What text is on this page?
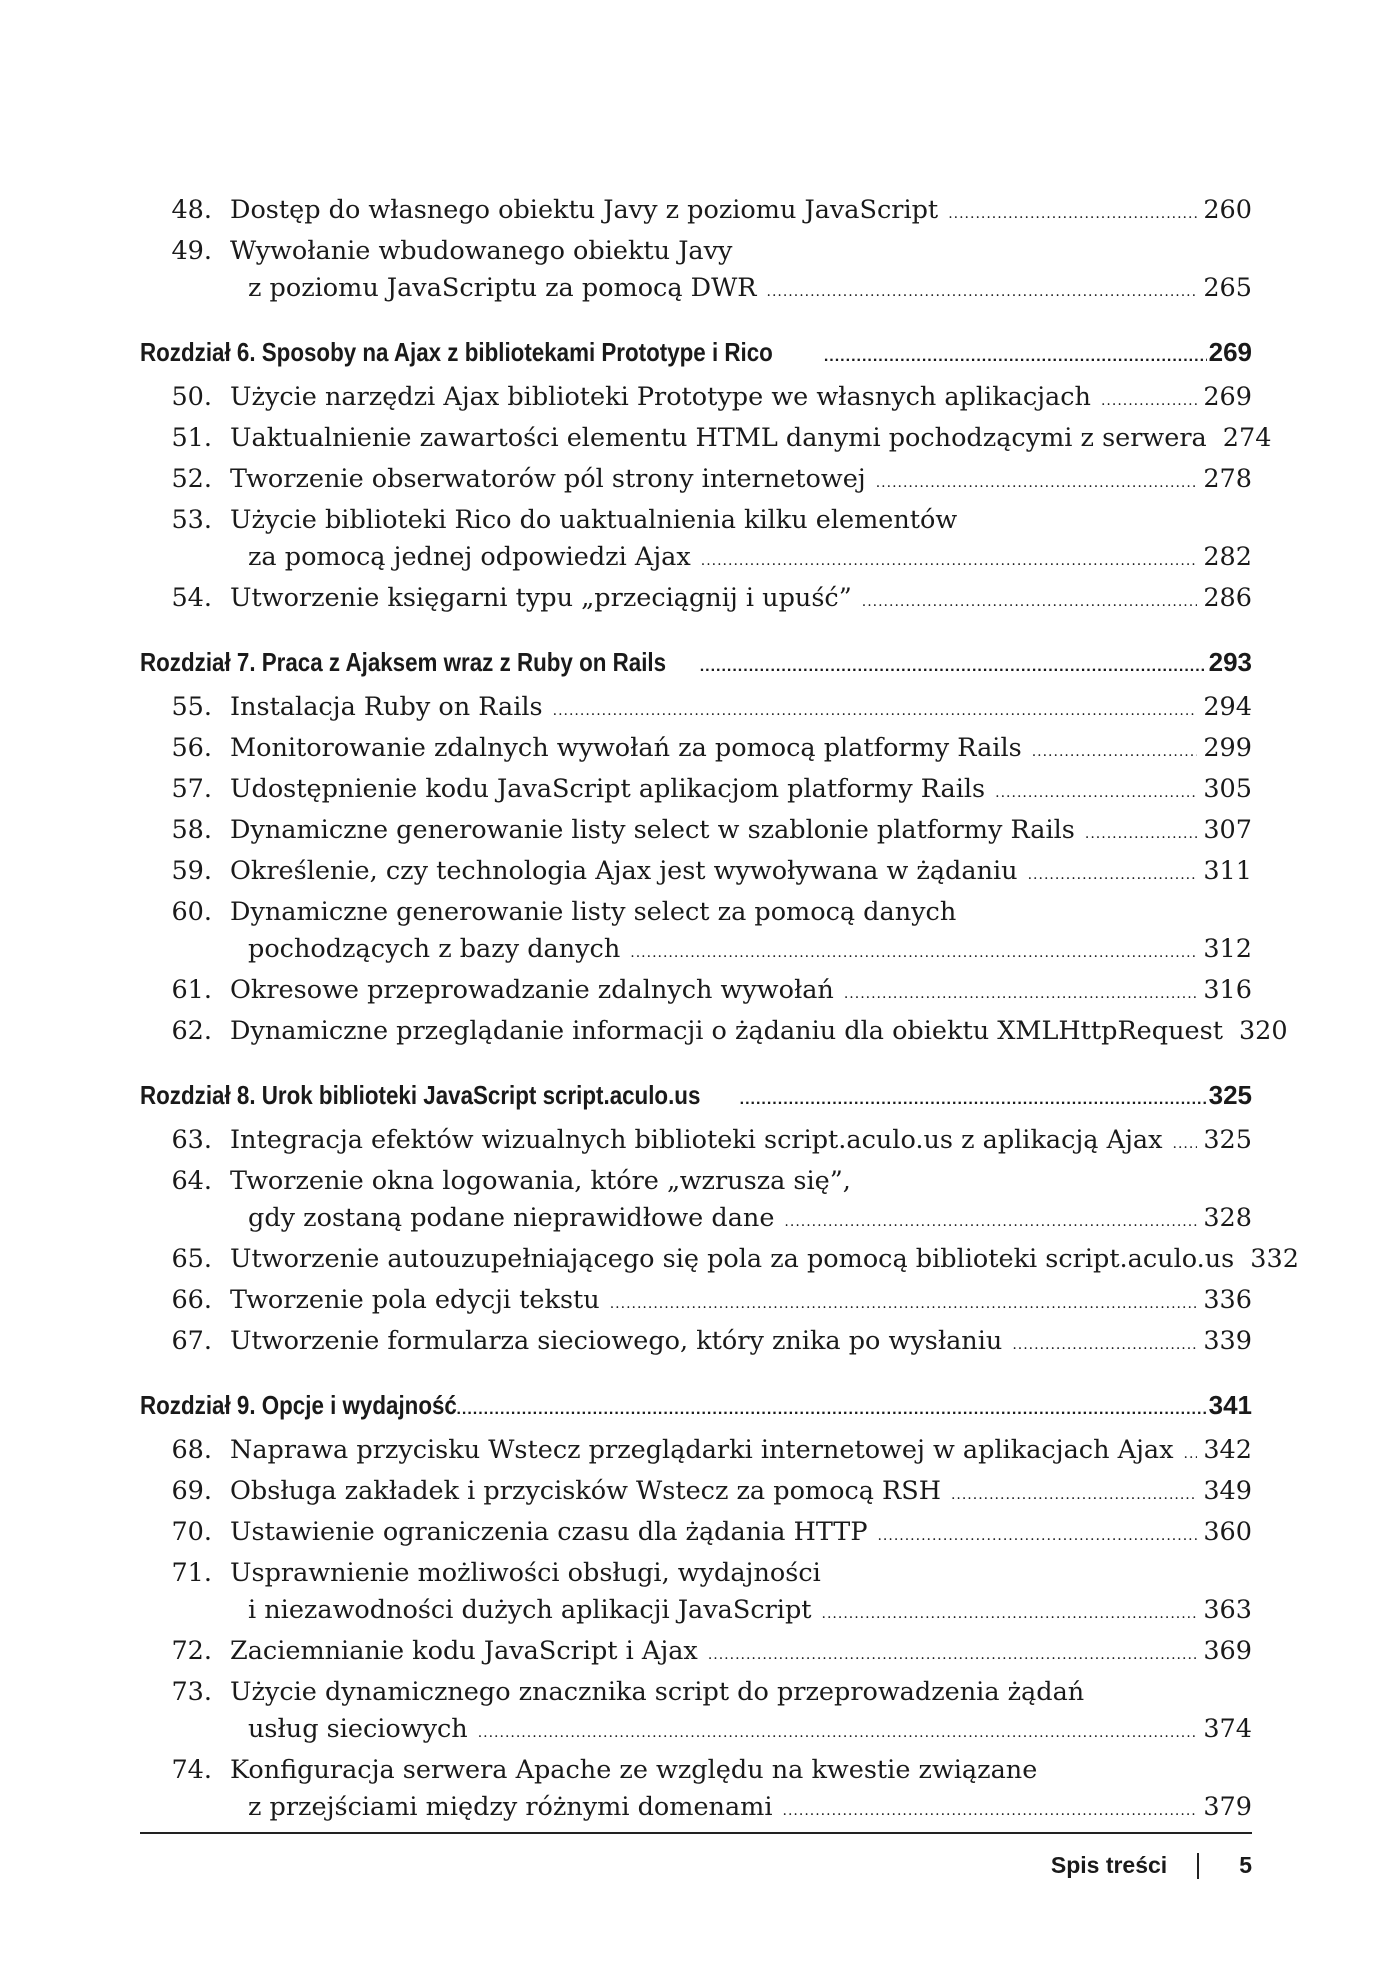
48. Dostęp do własnego obiektu Javy z poziomu JavaScript .....	260
49. Wywołanie wbudowanego obiektu Javy
z poziomu JavaScriptu za pomocą DWR .....	265
Rozdział 6. Sposoby na Ajax z bibliotekami Prototype i Rico .....	269
50. Użycie narzędzi Ajax biblioteki Prototype we własnych aplikacjach .....	269
51. Uaktualnienie zawartości elementu HTML danymi pochodzącymi z serwera 274
52. Tworzenie obserwatorów pól strony internetowej .....	278
53. Użycie biblioteki Rico do uaktualnienia kilku elementów
za pomocą jednej odpowiedzi Ajax .....	282
54. Utworzenie księgarni typu „przeciągnij i upuść” .....	286
Rozdział 7. Praca z Ajaksem wraz z Ruby on Rails .....	293
55. Instalacja Ruby on Rails .....	294
56. Monitorowanie zdalnych wywołań za pomocą platformy Rails .....	299
57. Udostępnienie kodu JavaScript aplikacjom platformy Rails .....	305
58. Dynamiczne generowanie listy select w szablonie platformy Rails .....	307
59. Określenie, czy technologia Ajax jest wywoływana w żądaniu .....	311
60. Dynamiczne generowanie listy select za pomocą danych
pochodzących z bazy danych .....	312
61. Okresowe przeprowadzanie zdalnych wywołań .....	316
62. Dynamiczne przeglądanie informacji o żądaniu dla obiektu XMLHttpRequest 320
Rozdział 8. Urok biblioteki JavaScript script.aculo.us .....	325
63. Integracja efektów wizualnych biblioteki script.aculo.us z aplikacją Ajax ..... 325
64. Tworzenie okna logowania, które „wzrusza się”,
gdy zostaną podane nieprawidłowe dane .....	328
65. Utworzenie autouzupełniającego się pola za pomocą biblioteki script.aculo.us 332
66. Tworzenie pola edycji tekstu .....	336
67. Utworzenie formularza sieciowego, który znika po wysłaniu .....	339
Rozdział 9. Opcje i wydajność .....	341
68. Naprawa przycisku Wstecz przeglądarki internetowej w aplikacjach Ajax ..... 342
69. Obsługa zakładek i przycisków Wstecz za pomocą RSH .....	349
70. Ustawienie ograniczenia czasu dla żądania HTTP .....	360
71. Usprawnienie możliwości obsługi, wydajności
i niezawodności dużych aplikacji JavaScript .....	363
72. Zaciemnianie kodu JavaScript i Ajax .....	369
73. Użycie dynamicznego znacznika script do przeprowadzenia żądań
usług sieciowych .....	374
74. Konfiguracja serwera Apache ze względu na kwestie związane
z przejściami między różnymi domenami .....	379
Spis treści	5
